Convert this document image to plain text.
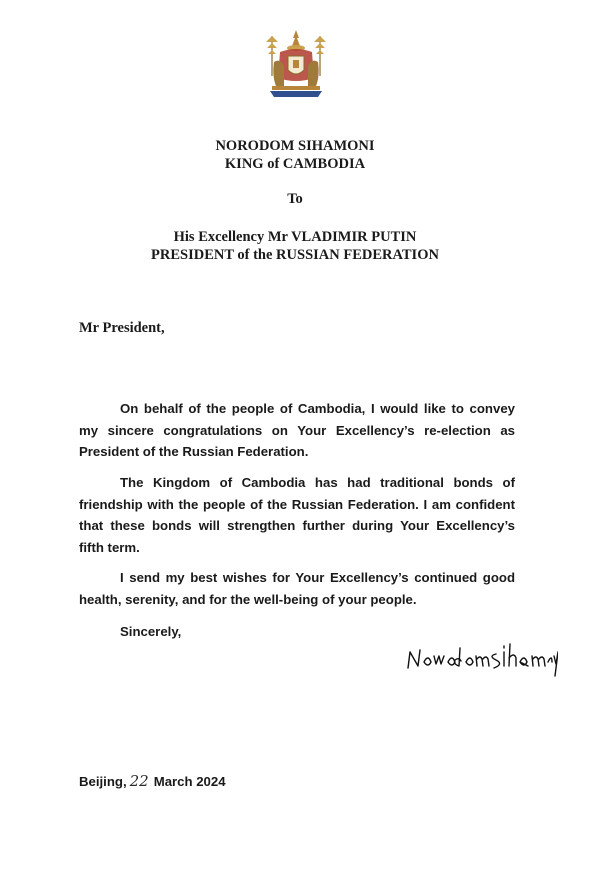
NORODOM SIHAMONI
KING of CAMBODIA
To
His Excellency Mr VLADIMIR PUTIN
PRESIDENT of the RUSSIAN FEDERATION
Mr President,

On behalf of the people of Cambodia, I would like to convey my sincere congratulations on Your Excellency’s re-election as President of the Russian Federation.

The Kingdom of Cambodia has had traditional bonds of friendship with the people of the Russian Federation. I am confident that these bonds will strengthen further during Your Excellency’s fifth term.

I send my best wishes for Your Excellency’s continued good health, serenity, and for the well-being of your people.

Sincerely,
Beijing, 22 March 2024
